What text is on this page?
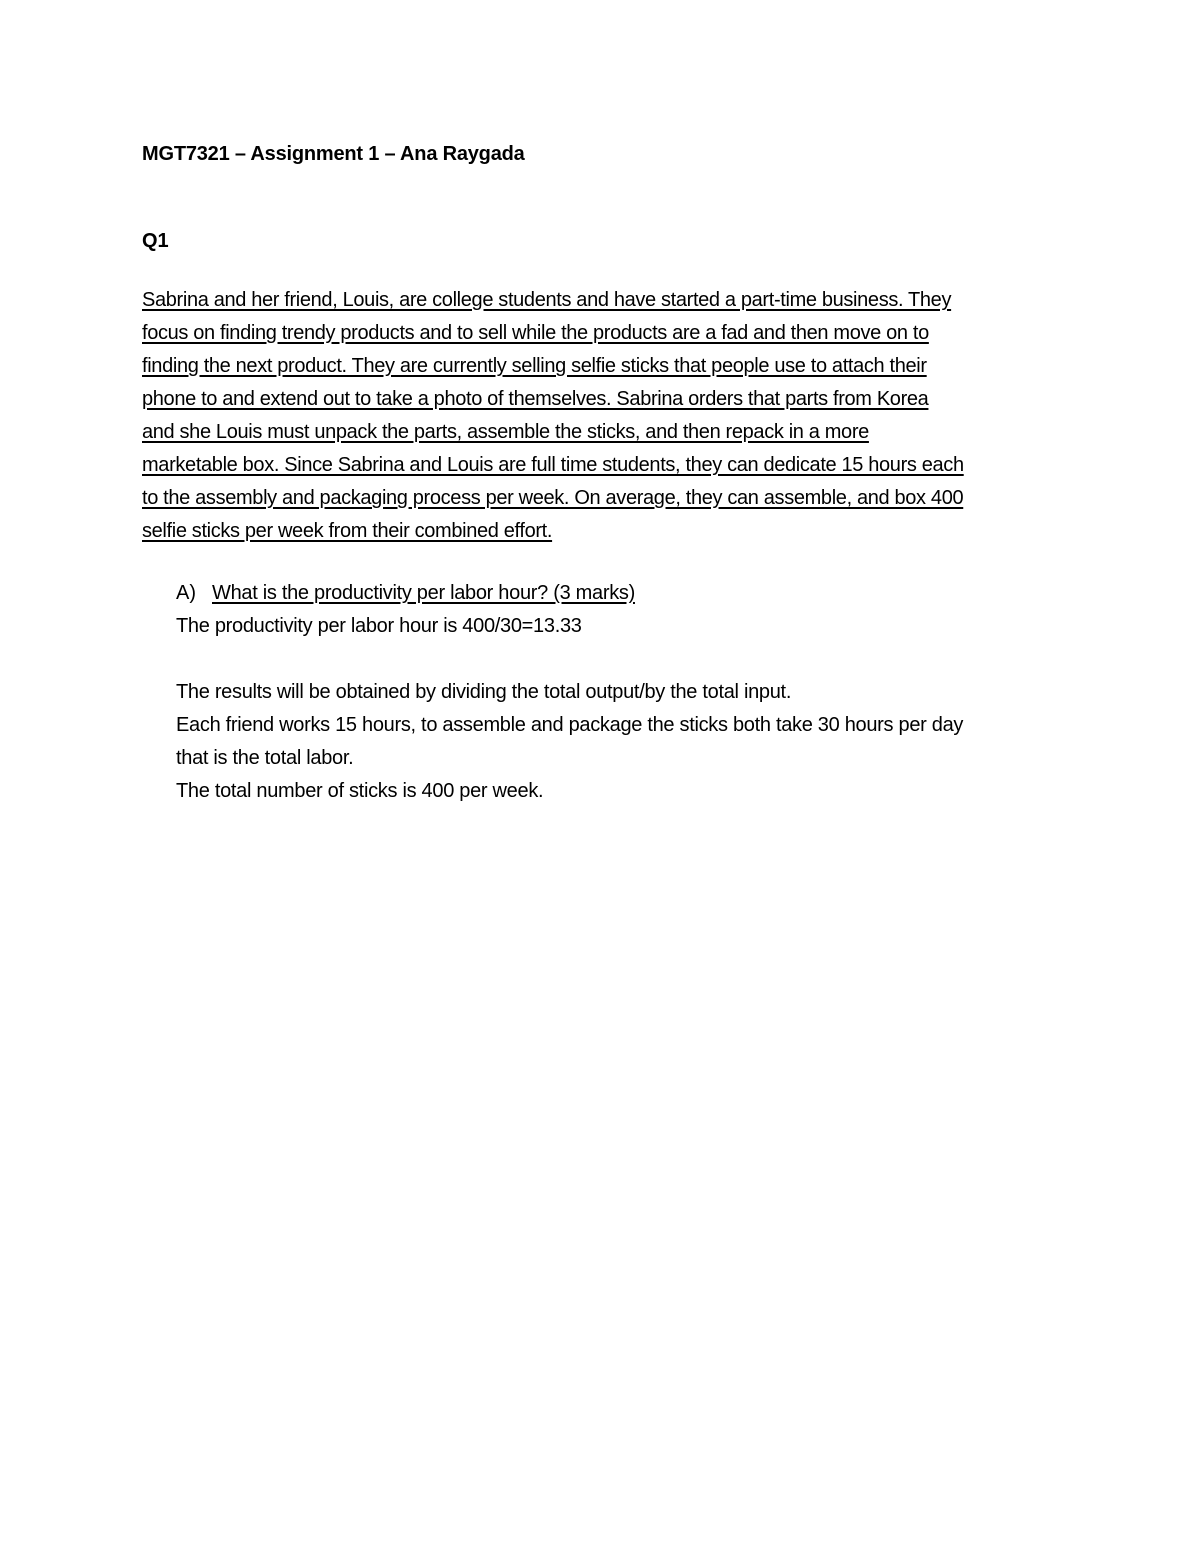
MGT7321 – Assignment 1 – Ana Raygada
Q1
Sabrina and her friend, Louis, are college students and have started a part-time business. They
focus on finding trendy products and to sell while the products are a fad and then move on to
finding the next product. They are currently selling selfie sticks that people use to attach their
phone to and extend out to take a photo of themselves. Sabrina orders that parts from Korea
and she Louis must unpack the parts, assemble the sticks, and then repack in a more
marketable box. Since Sabrina and Louis are full time students, they can dedicate 15 hours each
to the assembly and packaging process per week. On average, they can assemble, and box 400
selfie sticks per week from their combined effort.
A) What is the productivity per labor hour? (3 marks)
The productivity per labor hour is 400/30=13.33
The results will be obtained by dividing the total output/by the total input.
Each friend works 15 hours, to assemble and package the sticks both take 30 hours per day
that is the total labor.
The total number of sticks is 400 per week.
